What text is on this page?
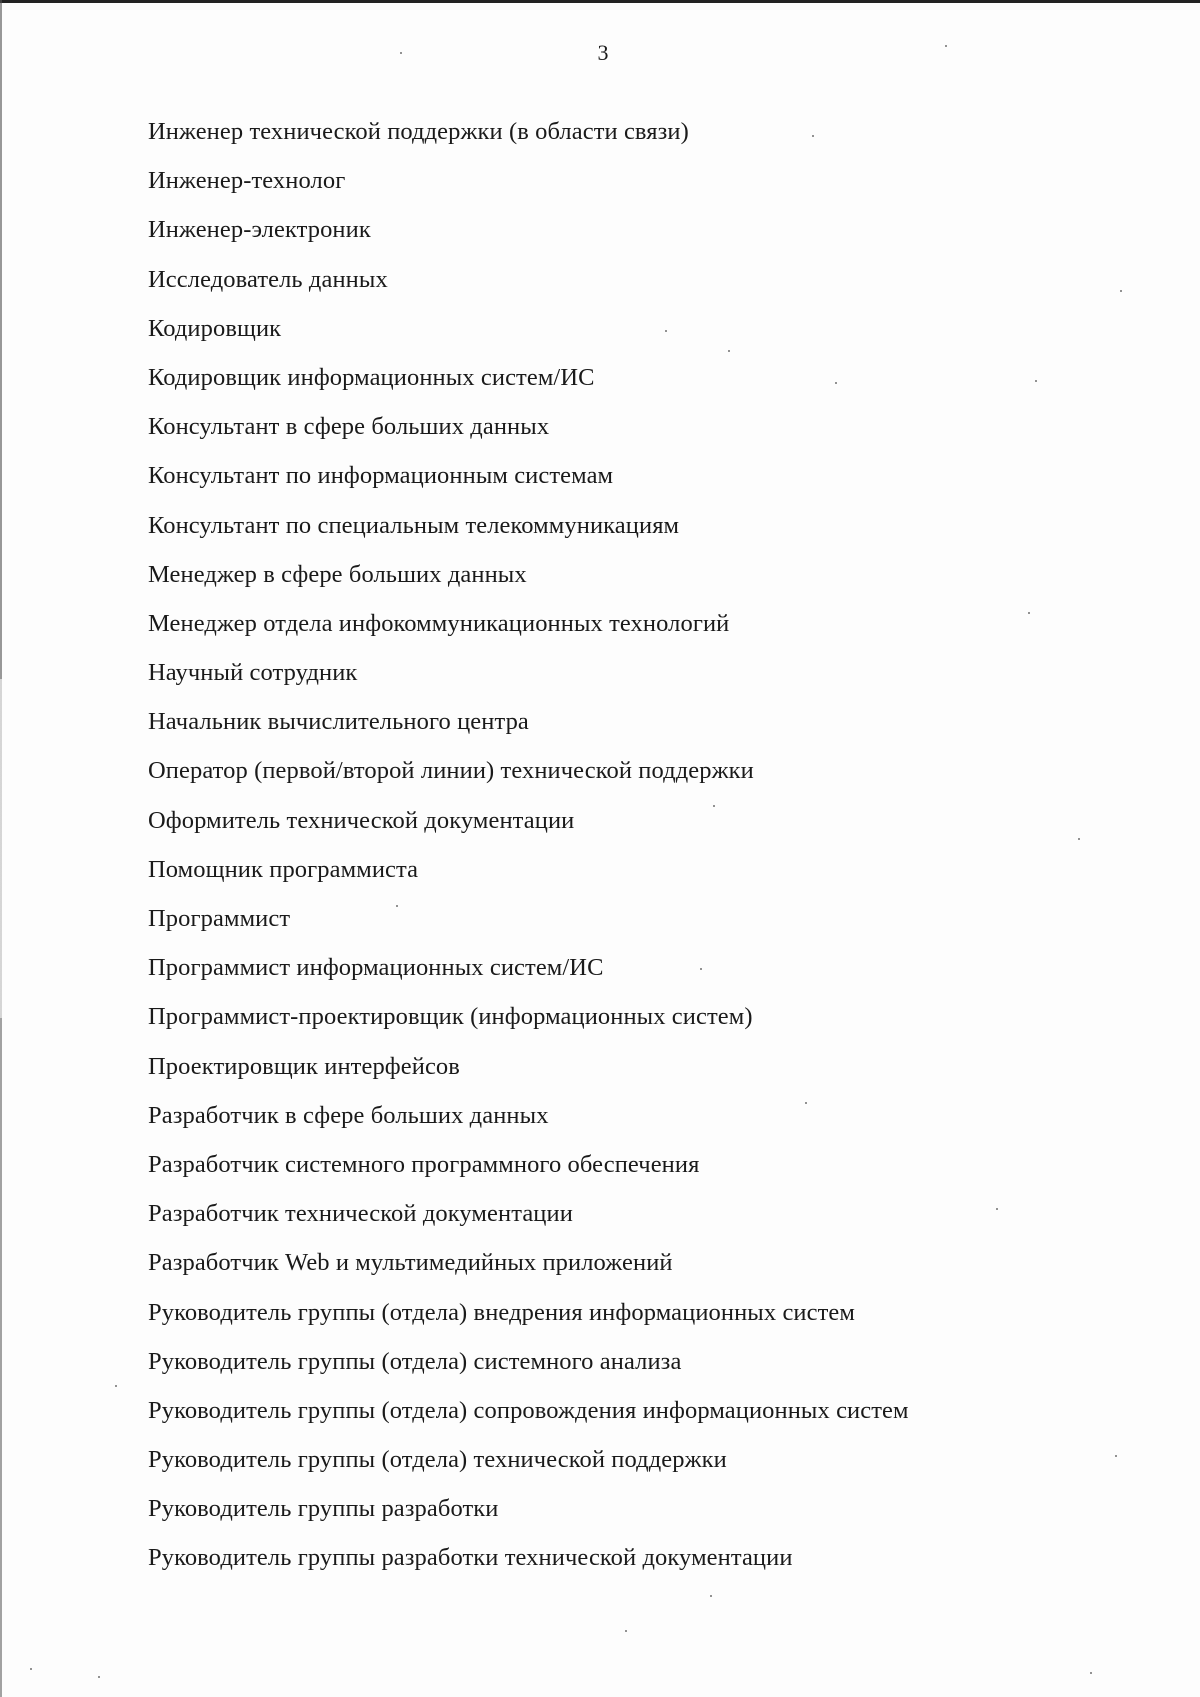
3
Инженер технической поддержки (в области связи)
Инженер-технолог
Инженер-электроник
Исследователь данных
Кодировщик
Кодировщик информационных систем/ИС
Консультант в сфере больших данных
Консультант по информационным системам
Консультант по специальным телекоммуникациям
Менеджер в сфере больших данных
Менеджер отдела инфокоммуникационных технологий
Научный сотрудник
Начальник вычислительного центра
Оператор (первой/второй линии) технической поддержки
Оформитель технической документации
Помощник программиста
Программист
Программист информационных систем/ИС
Программист-проектировщик (информационных систем)
Проектировщик интерфейсов
Разработчик в сфере больших данных
Разработчик системного программного обеспечения
Разработчик технической документации
Разработчик Web и мультимедийных приложений
Руководитель группы (отдела) внедрения информационных систем
Руководитель группы (отдела) системного анализа
Руководитель группы (отдела) сопровождения информационных систем
Руководитель группы (отдела) технической поддержки
Руководитель группы разработки
Руководитель группы разработки технической документации
